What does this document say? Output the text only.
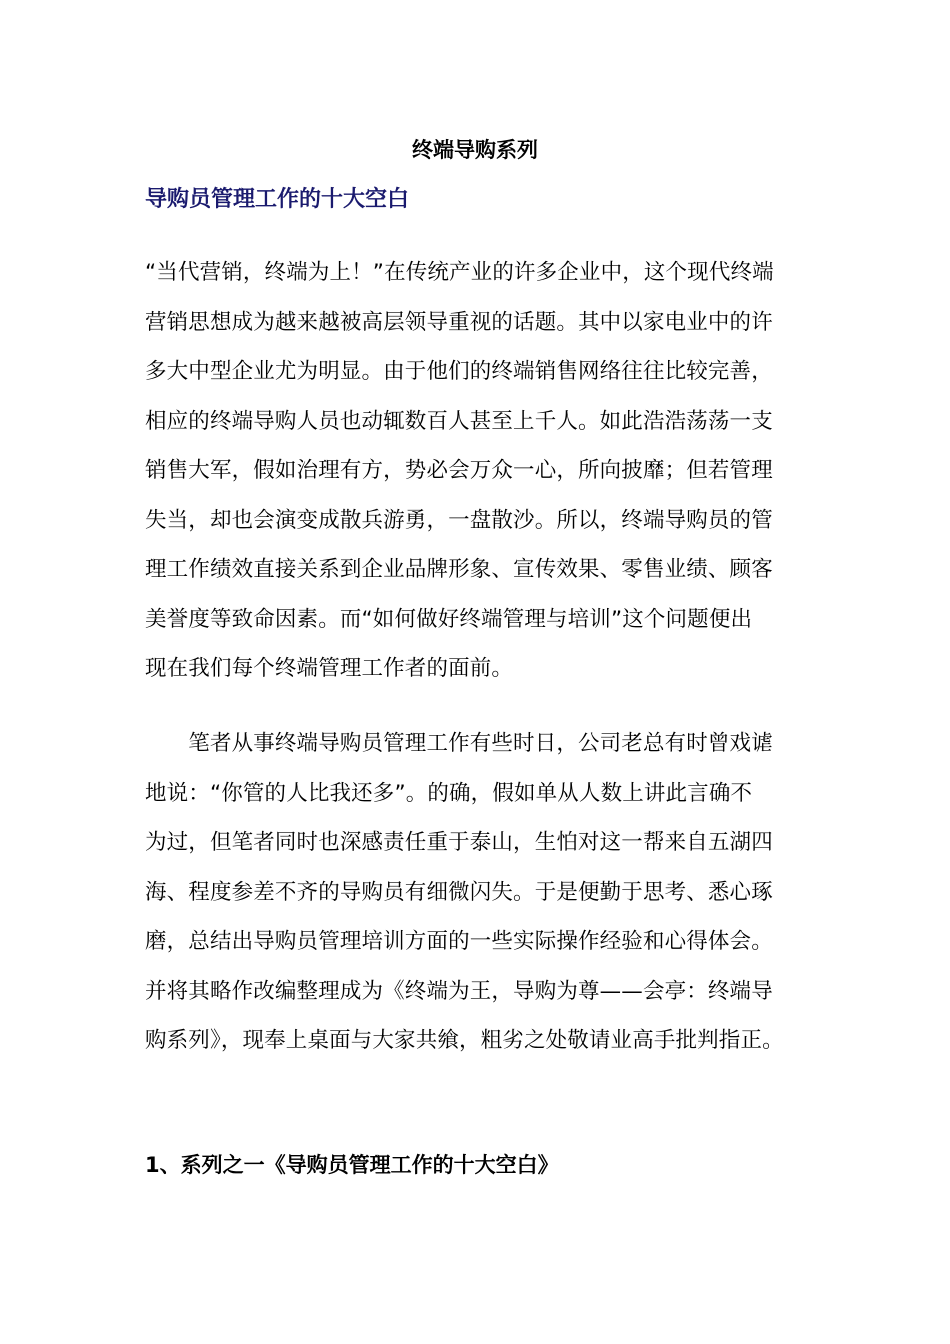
终端导购系列
导购员管理工作的十大空白
“当代营销，终端为上！”在传统产业的许多企业中，这个现代终端
营销思想成为越来越被高层领导重视的话题。其中以家电业中的许
多大中型企业尤为明显。由于他们的终端销售网络往往比较完善，
相应的终端导购人员也动辄数百人甚至上千人。如此浩浩荡荡一支
销售大军，假如治理有方，势必会万众一心，所向披靡；但若管理
失当，却也会演变成散兵游勇，一盘散沙。所以，终端导购员的管
理工作绩效直接关系到企业品牌形象、宣传效果、零售业绩、顾客
美誉度等致命因素。而“如何做好终端管理与培训”这个问题便出
现在我们每个终端管理工作者的面前。
　　笔者从事终端导购员管理工作有些时日，公司老总有时曾戏谑
地说：“你管的人比我还多”。的确，假如单从人数上讲此言确不
为过，但笔者同时也深感责任重于泰山，生怕对这一帮来自五湖四
海、程度参差不齐的导购员有细微闪失。于是便勤于思考、悉心琢
磨，总结出导购员管理培训方面的一些实际操作经验和心得体会。
并将其略作改编整理成为《终端为王，导购为尊——会亭：终端导
购系列》，现奉上桌面与大家共飨，粗劣之处敬请业高手批判指正。
1、系列之一《导购员管理工作的十大空白》
